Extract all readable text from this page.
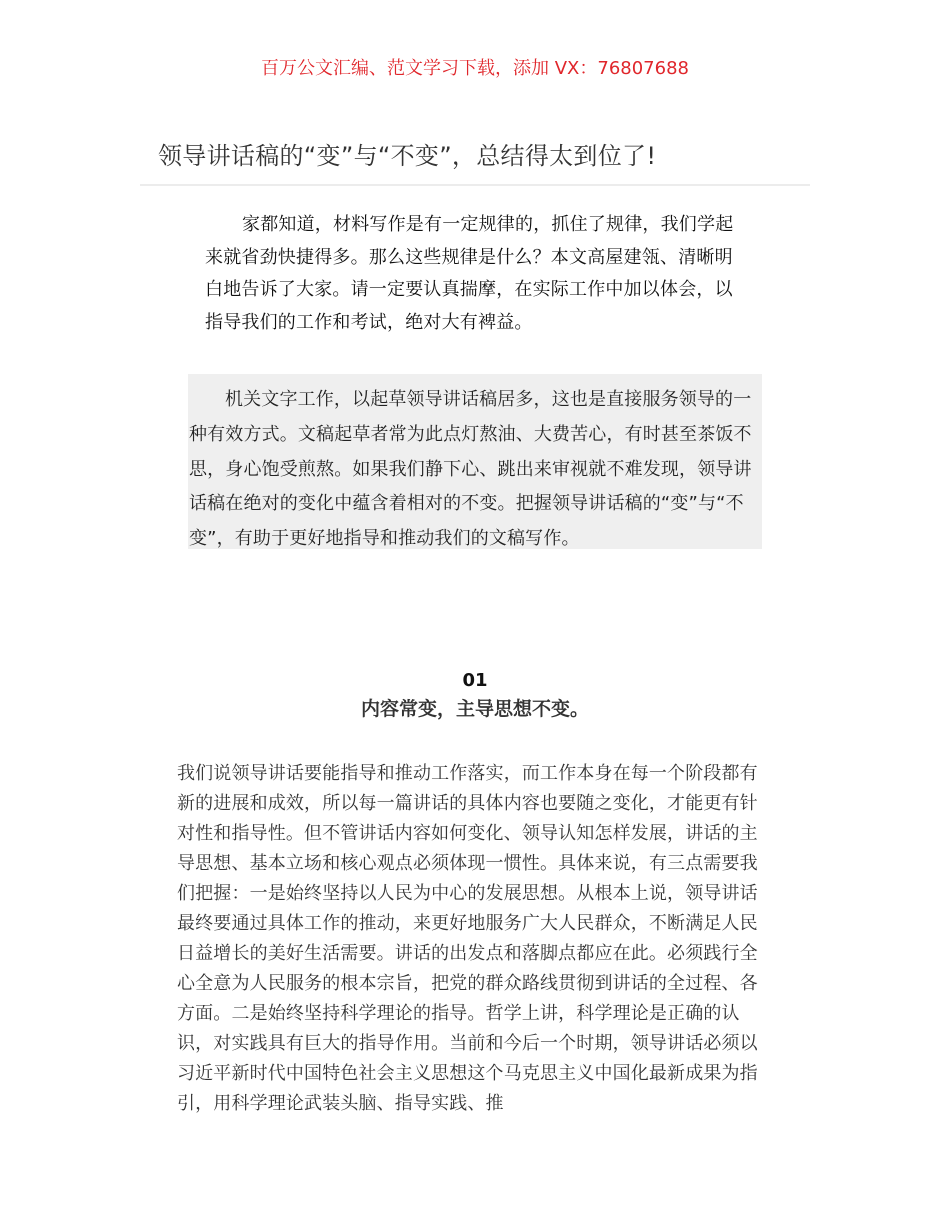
百万公文汇编、范文学习下载，添加 VX：76807688
领导讲话稿的“变”与“不变”，总结得太到位了!

家都知道，材料写作是有一定规律的，抓住了规律，我们学起来就省劲快捷得多。那么这些规律是什么？本文高屋建瓴、清晰明白地告诉了大家。请一定要认真揣摩，在实际工作中加以体会，以指导我们的工作和考试，绝对大有裨益。

机关文字工作，以起草领导讲话稿居多，这也是直接服务领导的一种有效方式。文稿起草者常为此点灯熬油、大费苦心，有时甚至茶饭不思，身心饱受煎熬。如果我们静下心、跳出来审视就不难发现，领导讲话稿在绝对的变化中蕴含着相对的不变。把握领导讲话稿的“变”与“不变”，有助于更好地指导和推动我们的文稿写作。

01
内容常变，主导思想不变。

我们说领导讲话要能指导和推动工作落实，而工作本身在每一个阶段都有新的进展和成效，所以每一篇讲话的具体内容也要随之变化，才能更有针对性和指导性。但不管讲话内容如何变化、领导认知怎样发展，讲话的主导思想、基本立场和核心观点必须体现一惯性。具体来说，有三点需要我们把握：一是始终坚持以人民为中心的发展思想。从根本上说，领导讲话最终要通过具体工作的推动，来更好地服务广大人民群众，不断满足人民日益增长的美好生活需要。讲话的出发点和落脚点都应在此。必须践行全心全意为人民服务的根本宗旨，把党的群众路线贯彻到讲话的全过程、各方面。二是始终坚持科学理论的指导。哲学上讲，科学理论是正确的认识，对实践具有巨大的指导作用。当前和今后一个时期，领导讲话必须以习近平新时代中国特色社会主义思想这个马克思主义中国化最新成果为指引，用科学理论武装头脑、指导实践、推
